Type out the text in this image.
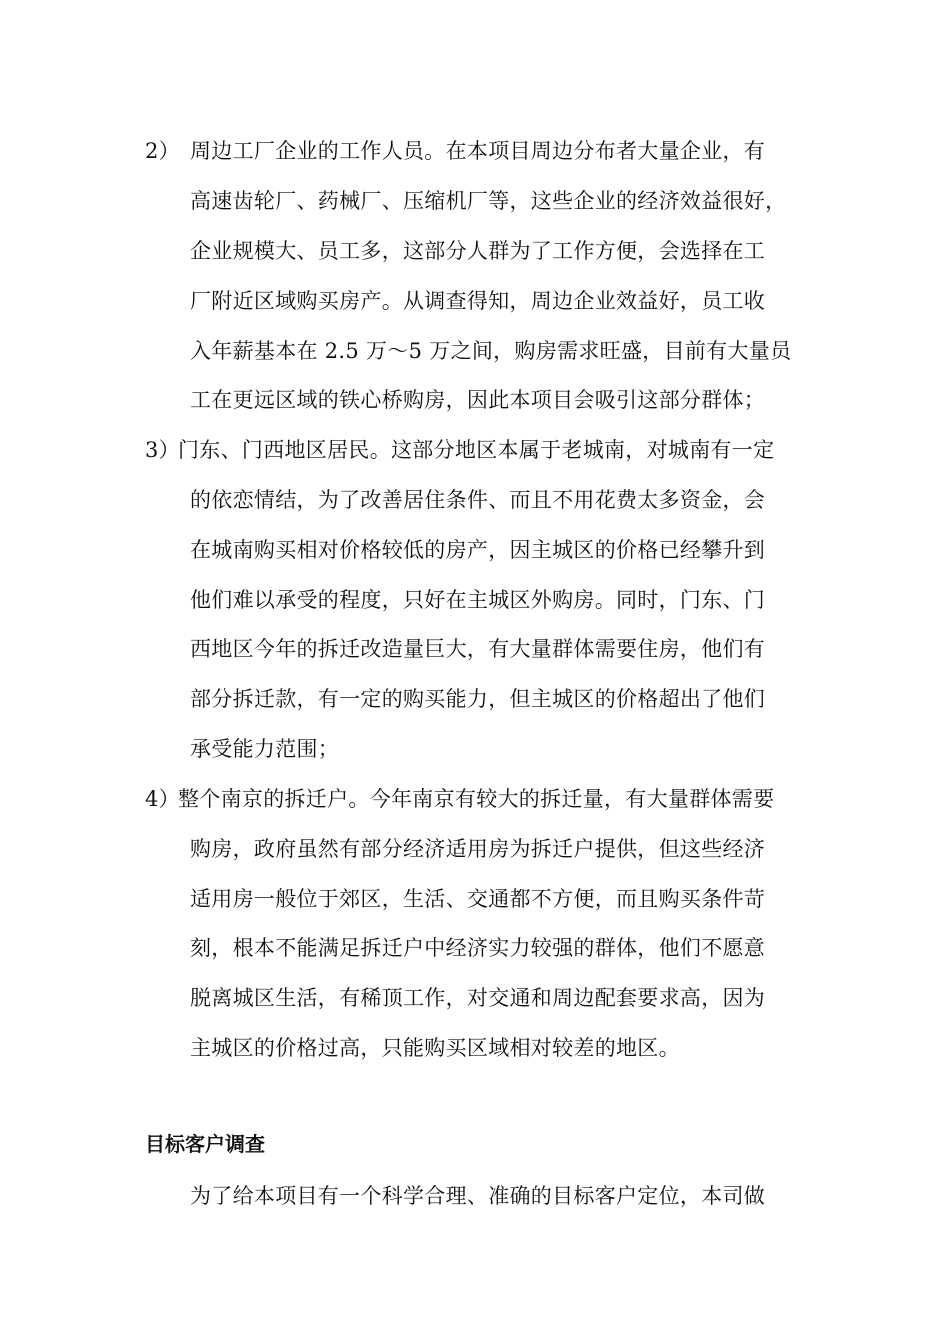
2） 周边工厂企业的工作人员。在本项目周边分布者大量企业，有
高速齿轮厂、药械厂、压缩机厂等，这些企业的经济效益很好，
企业规模大、员工多，这部分人群为了工作方便，会选择在工
厂附近区域购买房产。从调查得知，周边企业效益好，员工收
入年薪基本在 2.5 万～5 万之间，购房需求旺盛，目前有大量员
工在更远区域的铁心桥购房，因此本项目会吸引这部分群体；
3）
门东、门西地区居民。这部分地区本属于老城南，对城南有一定
的依恋情结，为了改善居住条件、而且不用花费太多资金，会
在城南购买相对价格较低的房产，因主城区的价格已经攀升到
他们难以承受的程度，只好在主城区外购房。同时，门东、门
西地区今年的拆迁改造量巨大，有大量群体需要住房，他们有
部分拆迁款，有一定的购买能力，但主城区的价格超出了他们
承受能力范围；
4）
整个南京的拆迁户。今年南京有较大的拆迁量，有大量群体需要
购房，政府虽然有部分经济适用房为拆迁户提供，但这些经济
适用房一般位于郊区，生活、交通都不方便，而且购买条件苛
刻，根本不能满足拆迁户中经济实力较强的群体，他们不愿意
脱离城区生活，有稀顶工作，对交通和周边配套要求高，因为
主城区的价格过高，只能购买区域相对较差的地区。
目标客户调查
为了给本项目有一个科学合理、准确的目标客户定位，本司做
